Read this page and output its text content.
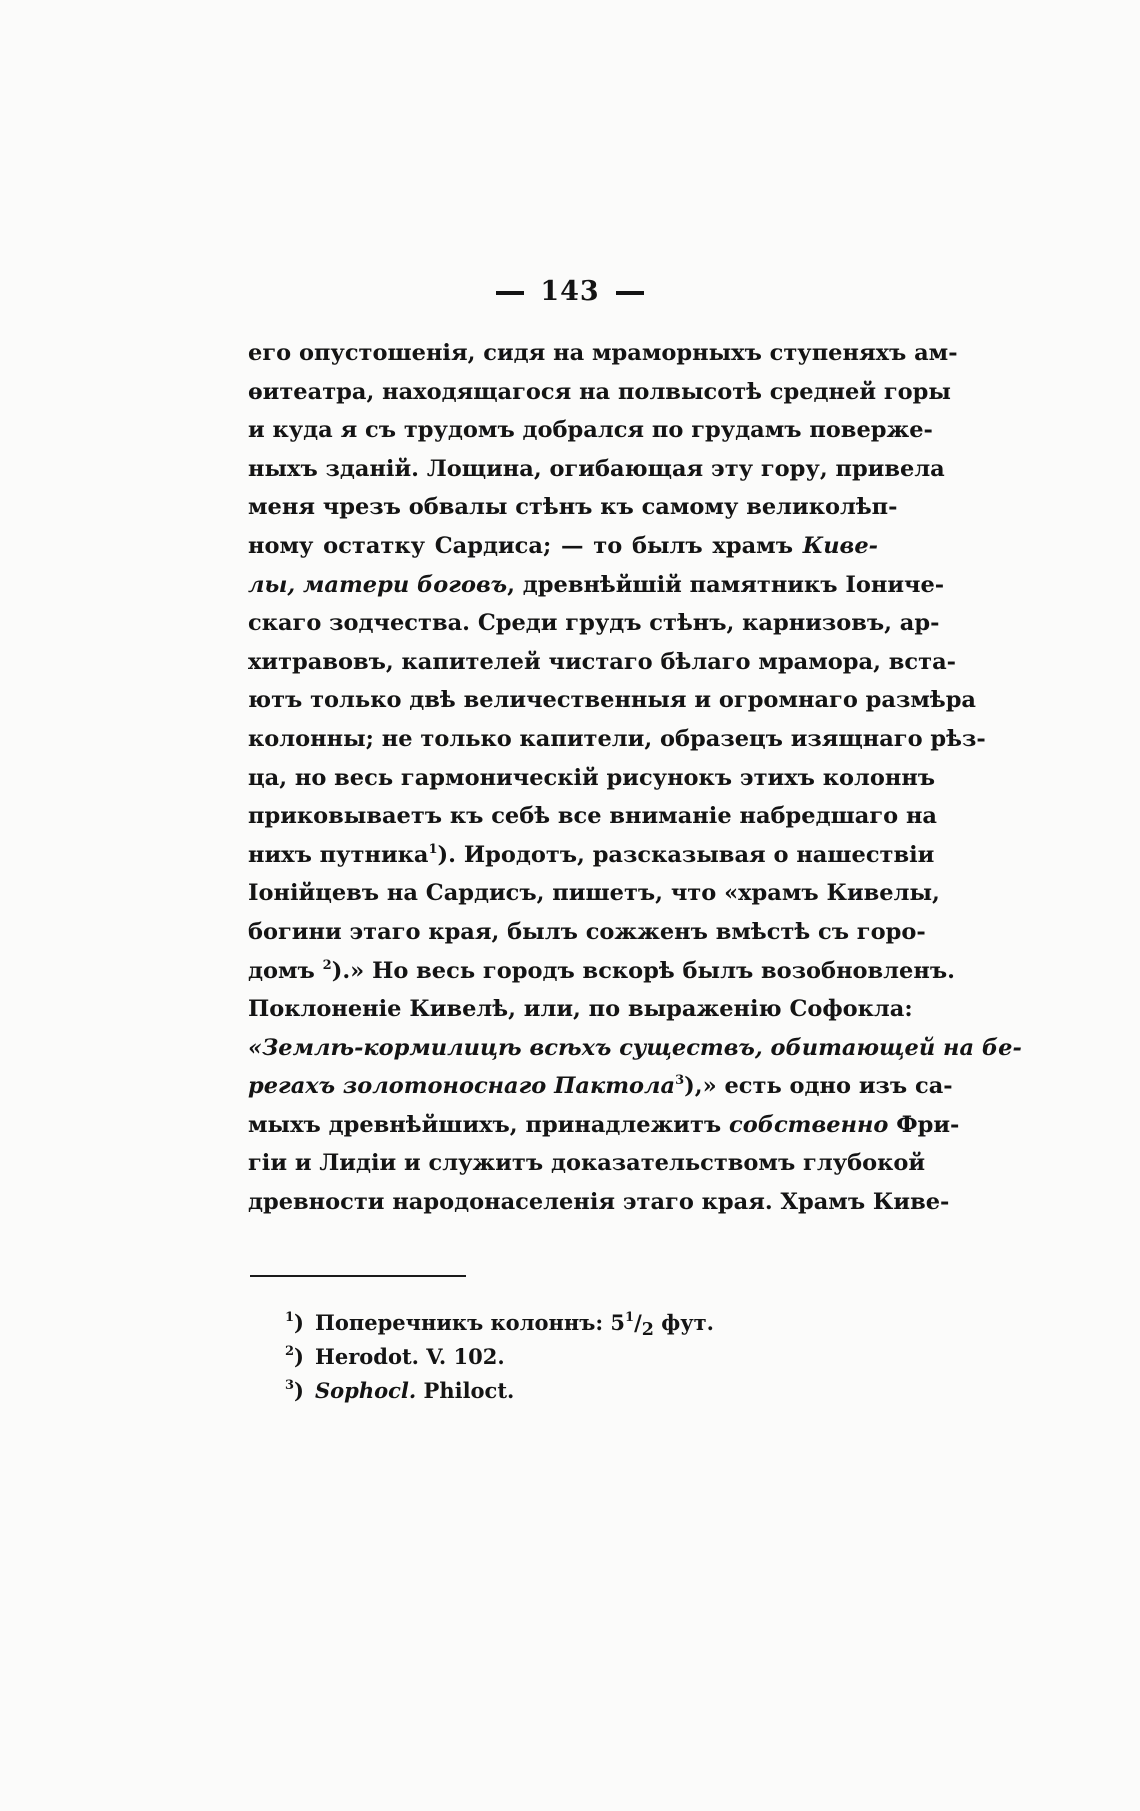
143
его опустошенія, сидя на мраморныхъ ступеняхъ ам-
ѳитеатра, находящагося на полвысотѣ средней горы
и куда я съ трудомъ добрался по грудамъ поверже-
ныхъ зданій. Лощина, огибающая эту гору, привела
меня чрезъ обвалы стѣнъ къ самому великолѣп-
ному остатку Сардиса; — то былъ храмъ Киве-
лы, матери боговъ, древнѣйшій памятникъ Іониче-
скаго зодчества. Среди грудъ стѣнъ, карнизовъ, ар-
хитравовъ, капителей чистаго бѣлаго мрамора, вста-
ютъ только двѣ величественныя и огромнаго размѣра
колонны; не только капители, образецъ изящнаго рѣз-
ца, но весь гармоническій рисунокъ этихъ колоннъ
приковываетъ къ себѣ все вниманіе набредшаго на
нихъ путника$^1$). Иродотъ, разсказывая о нашествіи
Іонійцевъ на Сардисъ, пишетъ, что «храмъ Кивелы,
богини этаго края, былъ сожженъ вмѣстѣ съ горо-
домъ $^2$).» Но весь городъ вскорѣ былъ возобновленъ.
Поклоненіе Кивелѣ, или, по выраженію Софокла:
«Землѣ-кормилицѣ всѣхъ существъ, обитающей на бе-
регахъ золотоноснаго Пактола$^3$),» есть одно изъ са-
мыхъ древнѣйшихъ, принадлежитъ собственно Фри-
гіи и Лидіи и служитъ доказательствомъ глубокой
древности народонаселенія этаго края. Храмъ Киве-
$^1$) Поперечникъ колоннъ: $5^1/_2$ фут.
$^2$) Herodot. V. 102.
$^3$) Sophocl. Philoct.
